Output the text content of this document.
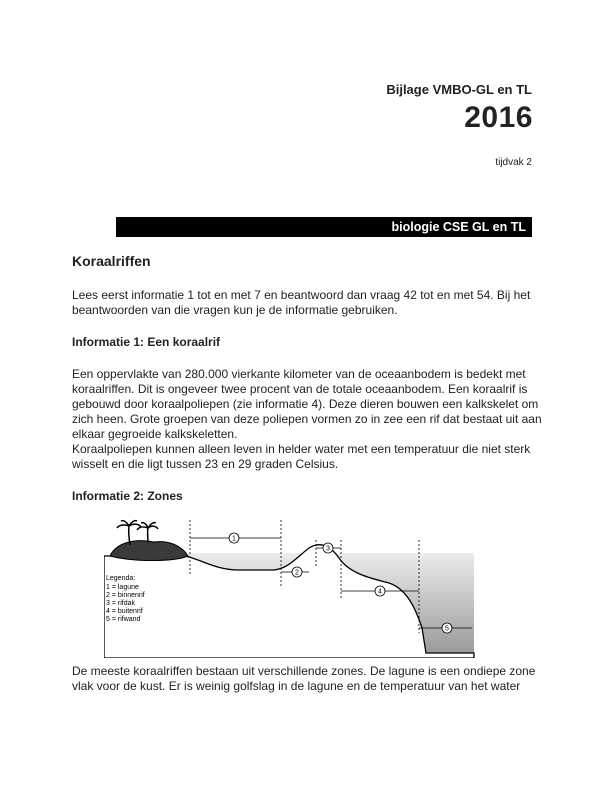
Bijlage VMBO-GL en TL
2016
tijdvak 2
biologie CSE GL en TL
Koraalriffen

Lees eerst informatie 1 tot en met 7 en beantwoord dan vraag 42 tot en met 54. Bij het beantwoorden van die vragen kun je de informatie gebruiken.

Informatie 1: Een koraalrif

Een oppervlakte van 280.000 vierkante kilometer van de oceaanbodem is bedekt met koraalriffen. Dit is ongeveer twee procent van de totale oceaanbodem. Een koraalrif is gebouwd door koraalpoliepen (zie informatie 4). Deze dieren bouwen een kalkskelet om zich heen. Grote groepen van deze poliepen vormen zo in zee een rif dat bestaat uit aan elkaar gegroeide kalkskeletten.

Koraalpoliepen kunnen alleen leven in helder water met een temperatuur die niet sterk wisselt en die ligt tussen 23 en 29 graden Celsius.

Informatie 2: Zones
1
2
3
4
5
Legenda:
1 = lagune
2 = binnenrif
3 = rifdak
4 = buitenrif
5 = rifwand
De meeste koraalriffen bestaan uit verschillende zones. De lagune is een ondiepe zone vlak voor de kust. Er is weinig golfslag in de lagune en de temperatuur van het water
